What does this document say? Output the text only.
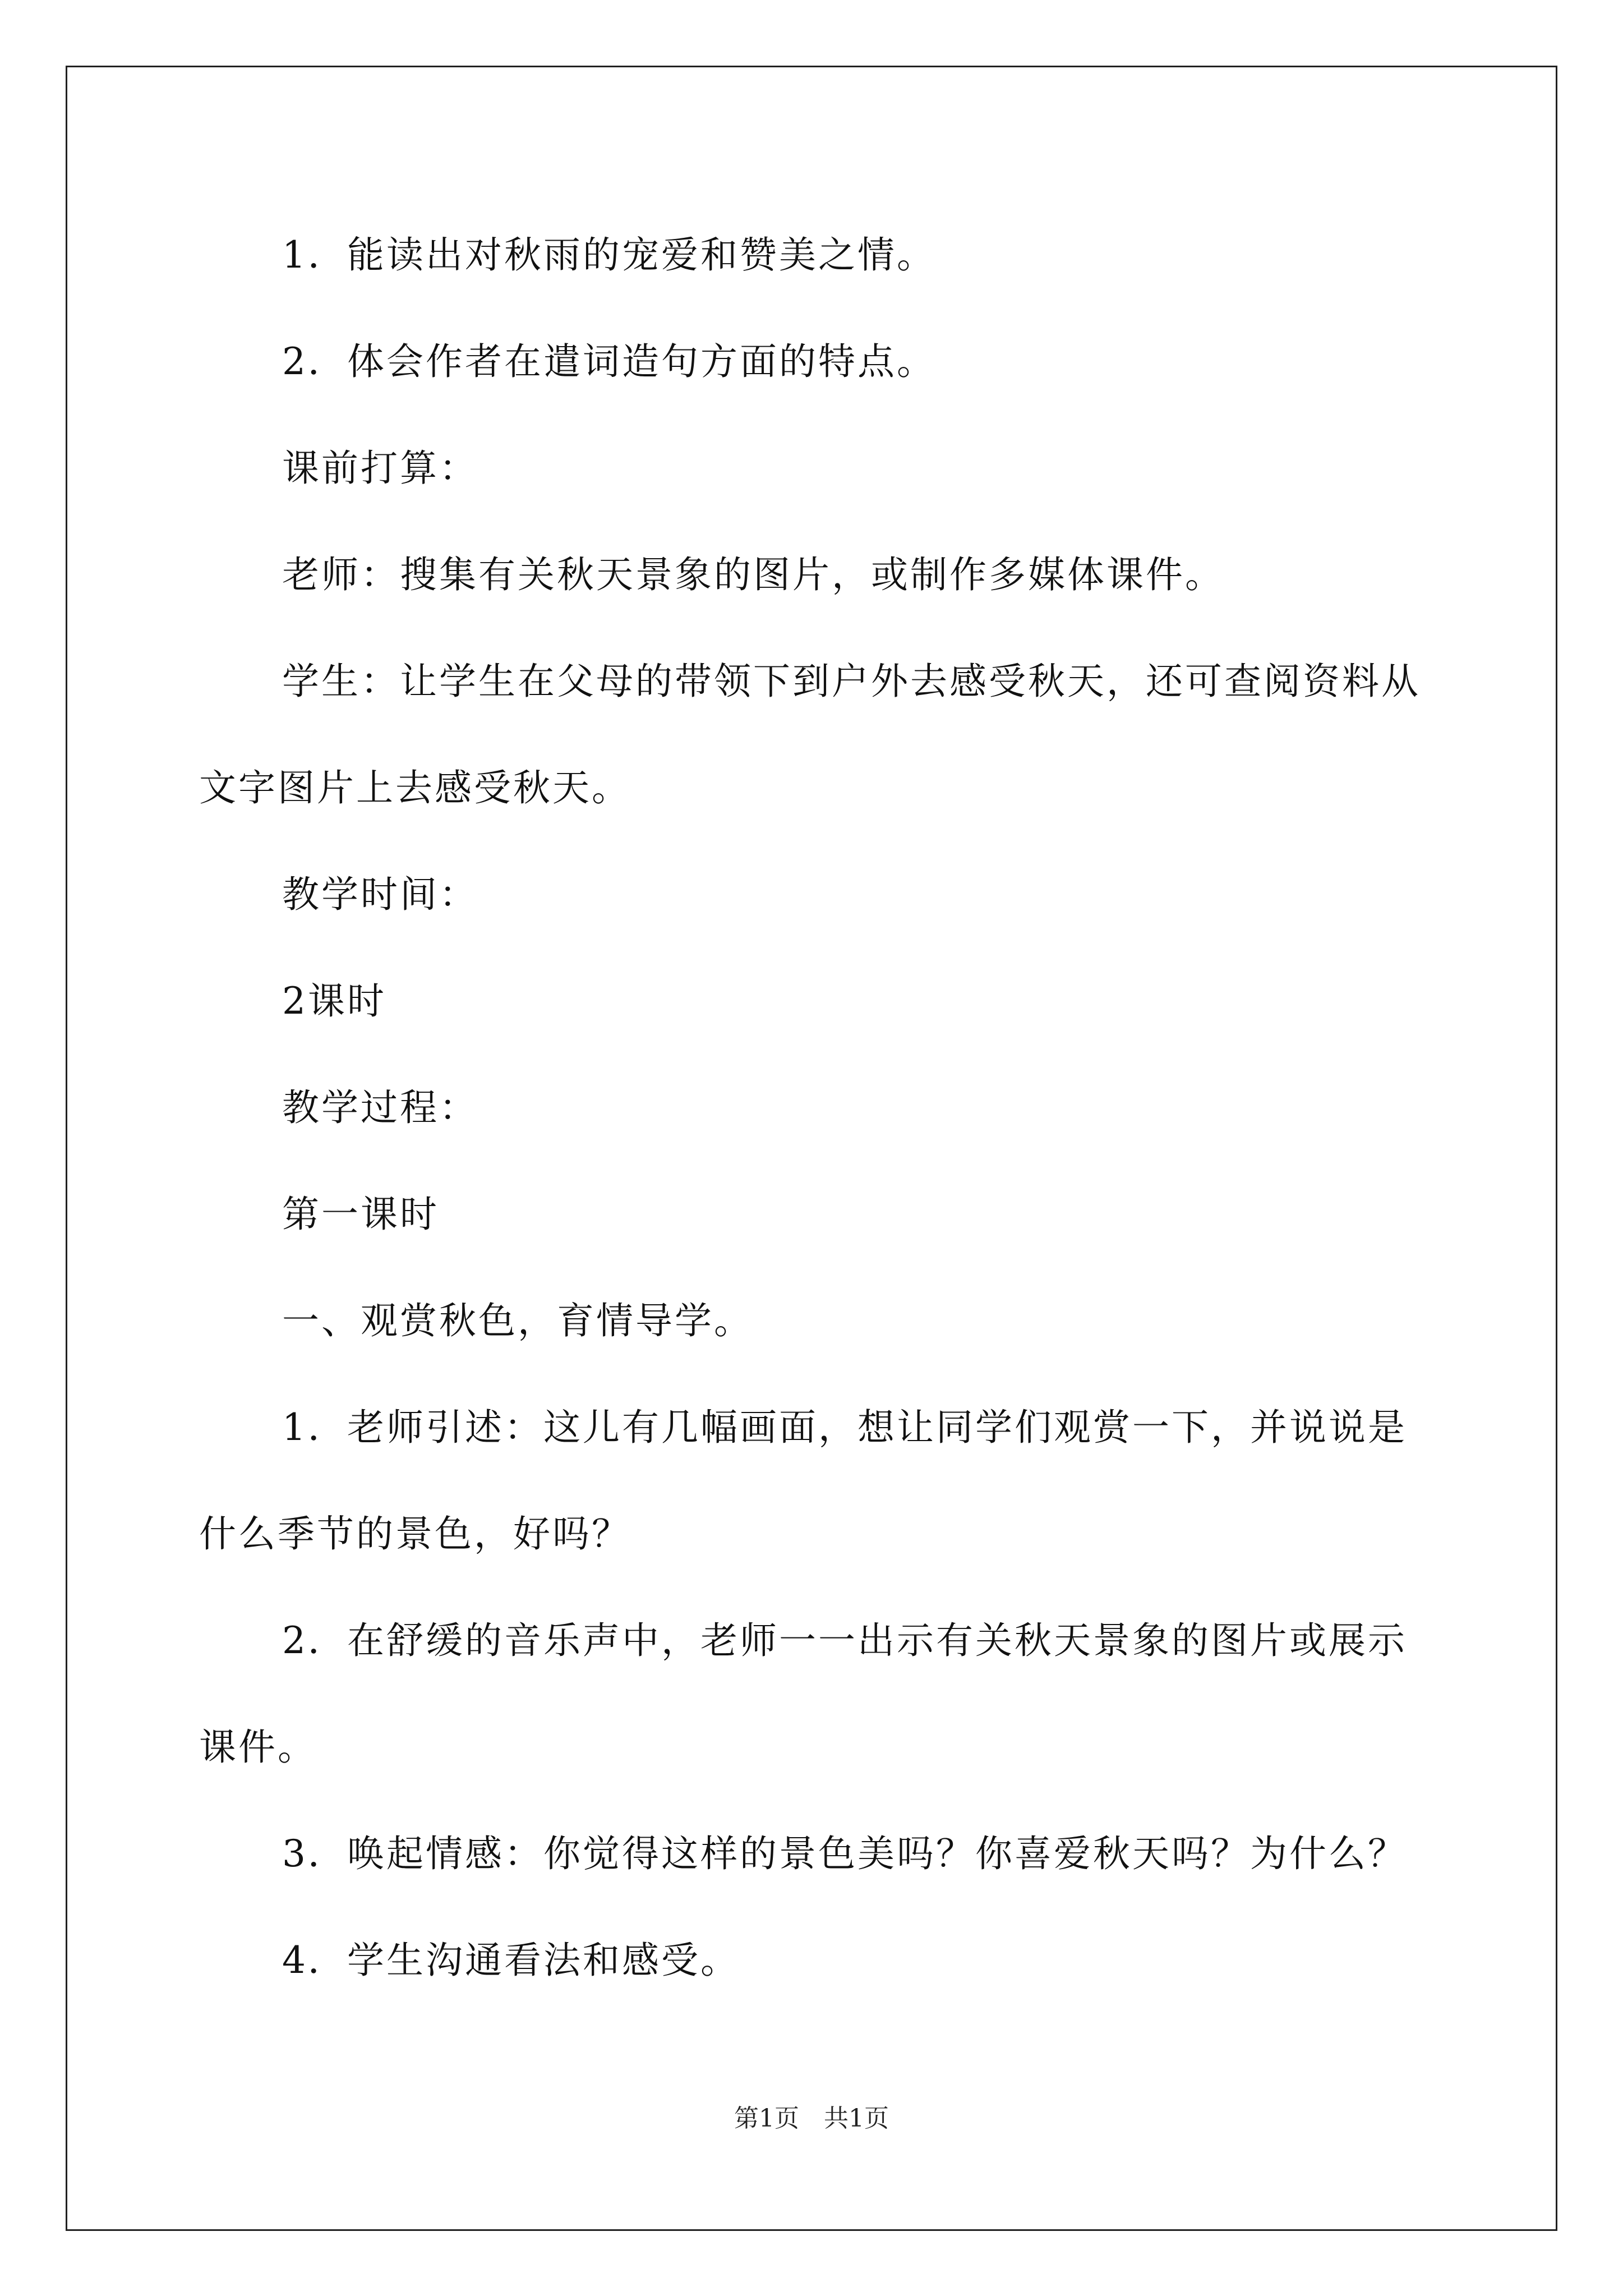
1．能读出对秋雨的宠爱和赞美之情。

2．体会作者在遣词造句方面的特点。

课前打算：

老师：搜集有关秋天景象的图片，或制作多媒体课件。

学生：让学生在父母的带领下到户外去感受秋天，还可查阅资料从文字图片上去感受秋天。

教学时间：

2课时

教学过程：

第一课时

一、观赏秋色，育情导学。

1．老师引述：这儿有几幅画面，想让同学们观赏一下，并说说是什么季节的景色，好吗？

2．在舒缓的音乐声中，老师一一出示有关秋天景象的图片或展示课件。

3．唤起情感：你觉得这样的景色美吗？你喜爱秋天吗？为什么？

4．学生沟通看法和感受。

第1页　共1页
